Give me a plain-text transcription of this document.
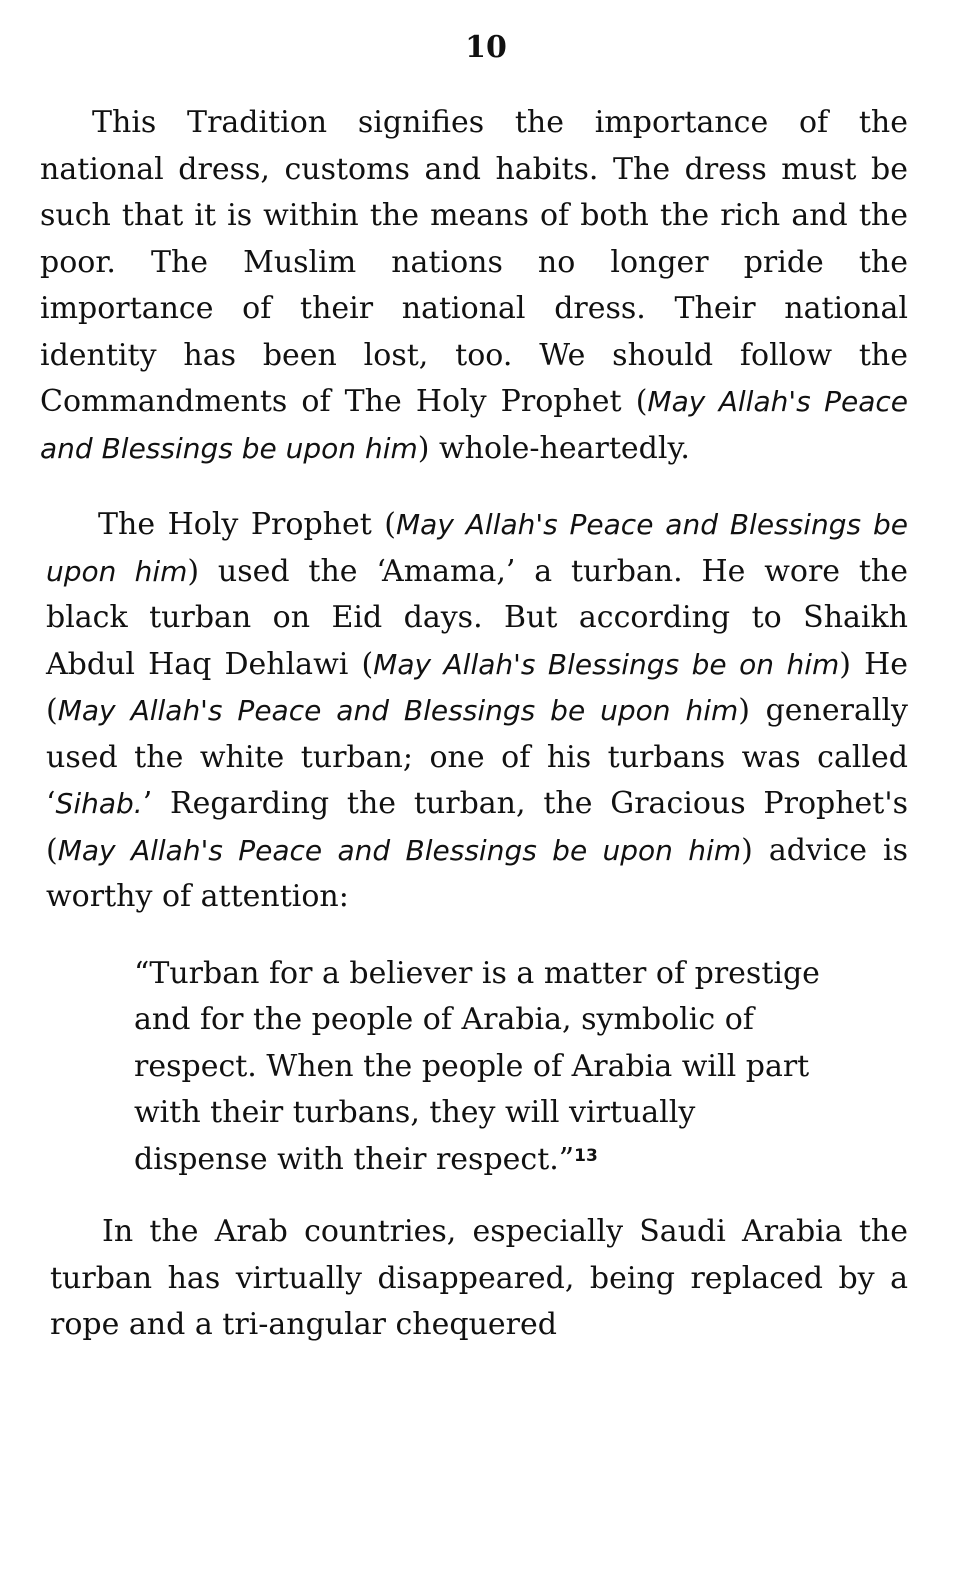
10

This Tradition signifies the importance of the national dress, customs and habits. The dress must be such that it is within the means of both the rich and the poor. The Muslim nations no longer pride the importance of their national dress. Their national identity has been lost, too. We should follow the Commandments of The Holy Prophet (May Allah's Peace and Blessings be upon him) whole-heartedly.

The Holy Prophet (May Allah's Peace and Blessings be upon him) used the ‘Amama,’ a turban. He wore the black turban on Eid days. But according to Shaikh Abdul Haq Dehlawi (May Allah's Blessings be on him) He (May Allah's Peace and Blessings be upon him) generally used the white turban; one of his turbans was called ‘Sihab.’ Regarding the turban, the Gracious Prophet's (May Allah's Peace and Blessings be upon him) advice is worthy of attention:

“Turban for a believer is a matter of prestige and for the people of Arabia, symbolic of respect. When the people of Arabia will part with their turbans, they will virtually dispense with their respect.”$^{13}$

In the Arab countries, especially Saudi Arabia the turban has virtually disappeared, being replaced by a rope and a tri-angular chequered
